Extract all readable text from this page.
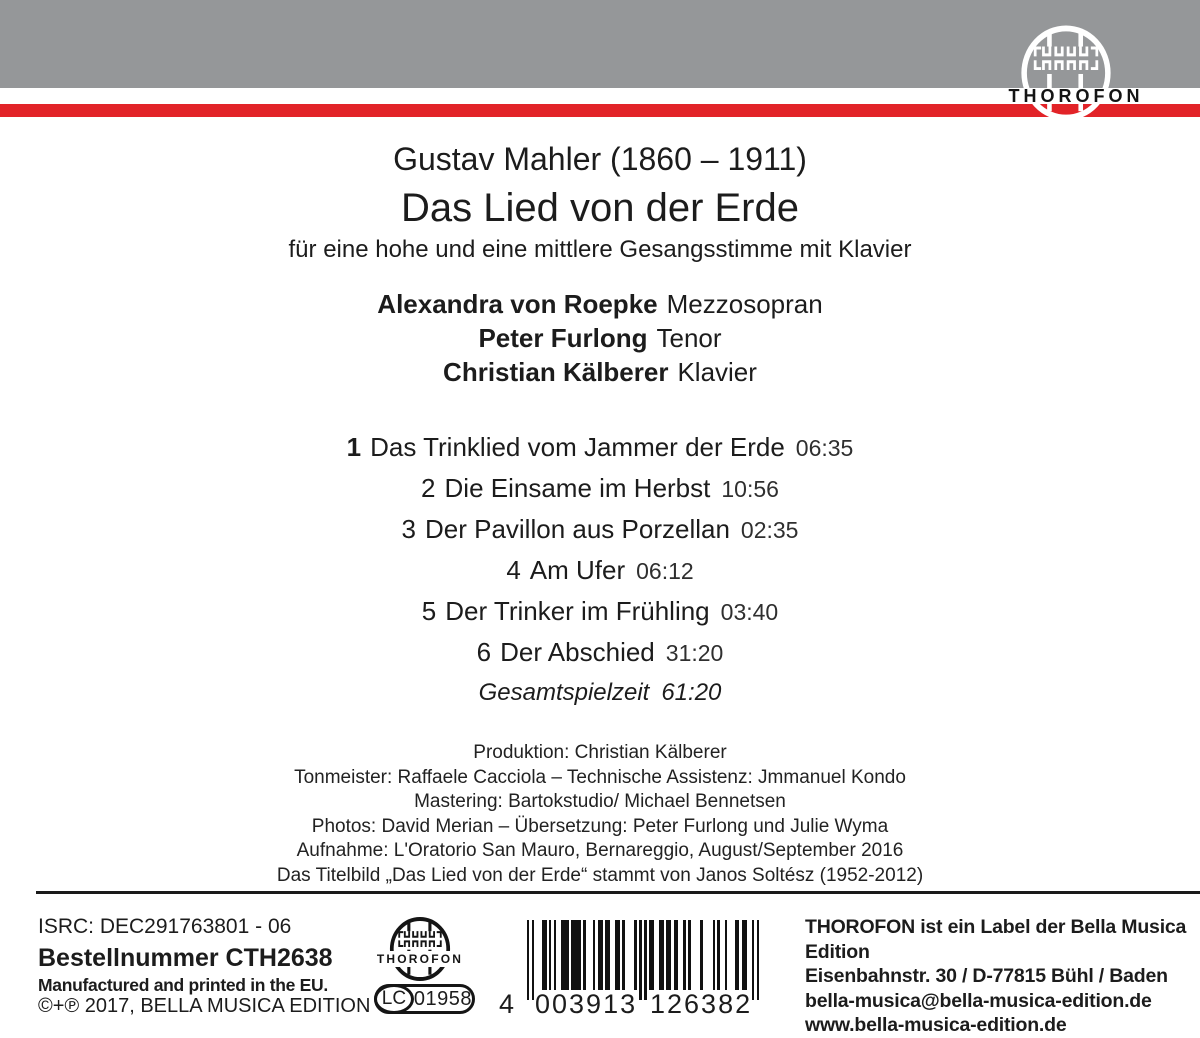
THOROFON
Gustav Mahler (1860 – 1911)
Das Lied von der Erde
für eine hohe und eine mittlere Gesangsstimme mit Klavier
Alexandra von Roepke Mezzosopran
Peter Furlong Tenor
Christian Kälberer Klavier
1 Das Trinklied vom Jammer der Erde 06:35
2 Die Einsame im Herbst 10:56
3 Der Pavillon aus Porzellan 02:35
4 Am Ufer 06:12
5 Der Trinker im Frühling 03:40
6 Der Abschied 31:20
Gesamtspielzeit 61:20
Produktion: Christian Kälberer
Tonmeister: Raffaele Cacciola – Technische Assistenz: Jmmanuel Kondo
Mastering: Bartokstudio/ Michael Bennetsen
Photos: David Merian – Übersetzung: Peter Furlong und Julie Wyma
Aufnahme: L'Oratorio San Mauro, Bernareggio, August/September 2016
Das Titelbild „Das Lied von der Erde“ stammt von Janos Soltész (1952-2012)
ISRC: DEC291763801 - 06
Bestellnummer CTH2638
Manufactured and printed in the EU.
©+℗ 2017, BELLA MUSICA EDITION
THOROFON
LC 01958 4 003913 126382
THOROFON ist ein Label der Bella Musica Edition
Eisenbahnstr. 30 / D-77815 Bühl / Baden
bella-musica@bella-musica-edition.de
www.bella-musica-edition.de
